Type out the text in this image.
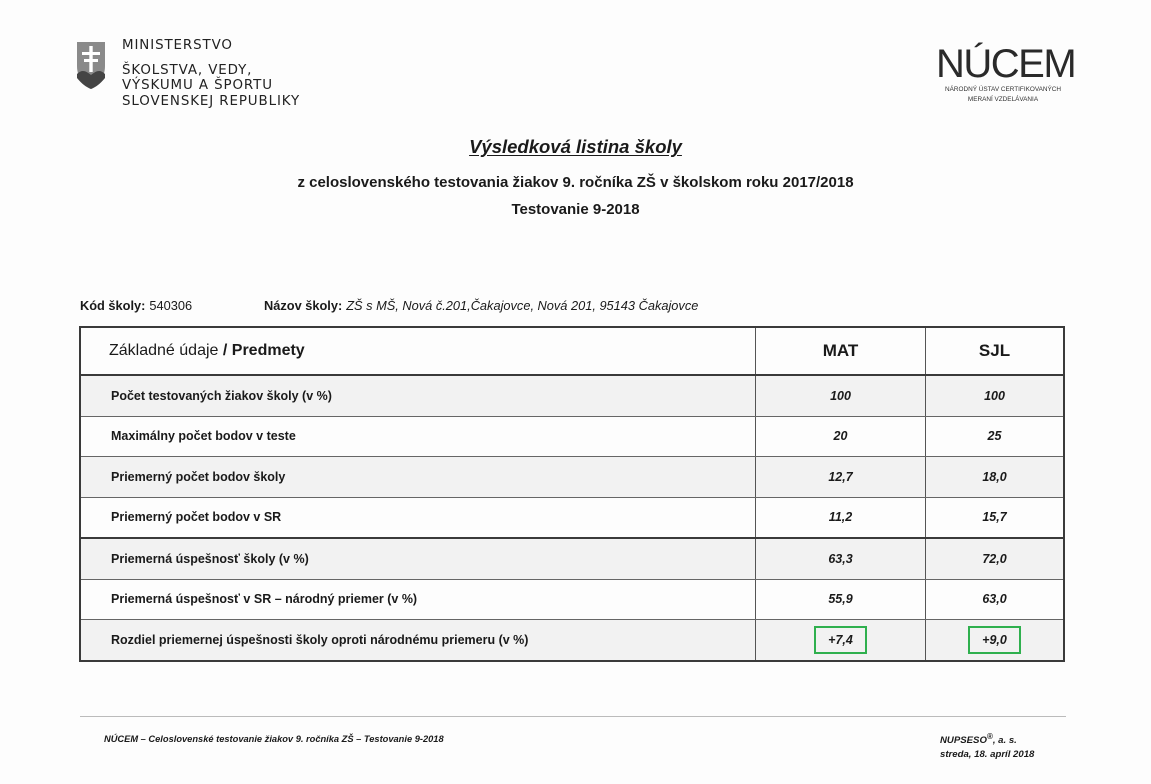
MINISTERSTVO
ŠKOLSTVA, VEDY,
VÝSKUMU A ŠPORTU
SLOVENSKEJ REPUBLIKY
NÚCEM
NÁRODNÝ ÚSTAV CERTIFIKOVANÝCH
MERANÍ VZDELÁVANIA
Výsledková listina školy
z celoslovenského testovania žiakov 9. ročníka ZŠ v školskom roku 2017/2018
Testovanie 9-2018
Kód školy: 540306	Názov školy: ZŠ s MŠ, Nová č.201,Čakajovce, Nová 201, 95143 Čakajovce
Základné údaje / Predmety	MAT	SJL
Počet testovaných žiakov školy (v %)	100	100
Maximálny počet bodov v teste	20	25
Priemerný počet bodov školy	12,7	18,0
Priemerný počet bodov v SR	11,2	15,7
Priemerná úspešnosť školy (v %)	63,3	72,0
Priemerná úspešnosť v SR – národný priemer (v %)	55,9	63,0
Rozdiel priemernej úspešnosti školy oproti národnému priemeru (v %)	+7,4	+9,0
NÚCEM – Celoslovenské testovanie žiakov 9. ročníka ZŠ – Testovanie 9-2018	NUPSESO®, a. s.
streda, 18. apríl 2018
